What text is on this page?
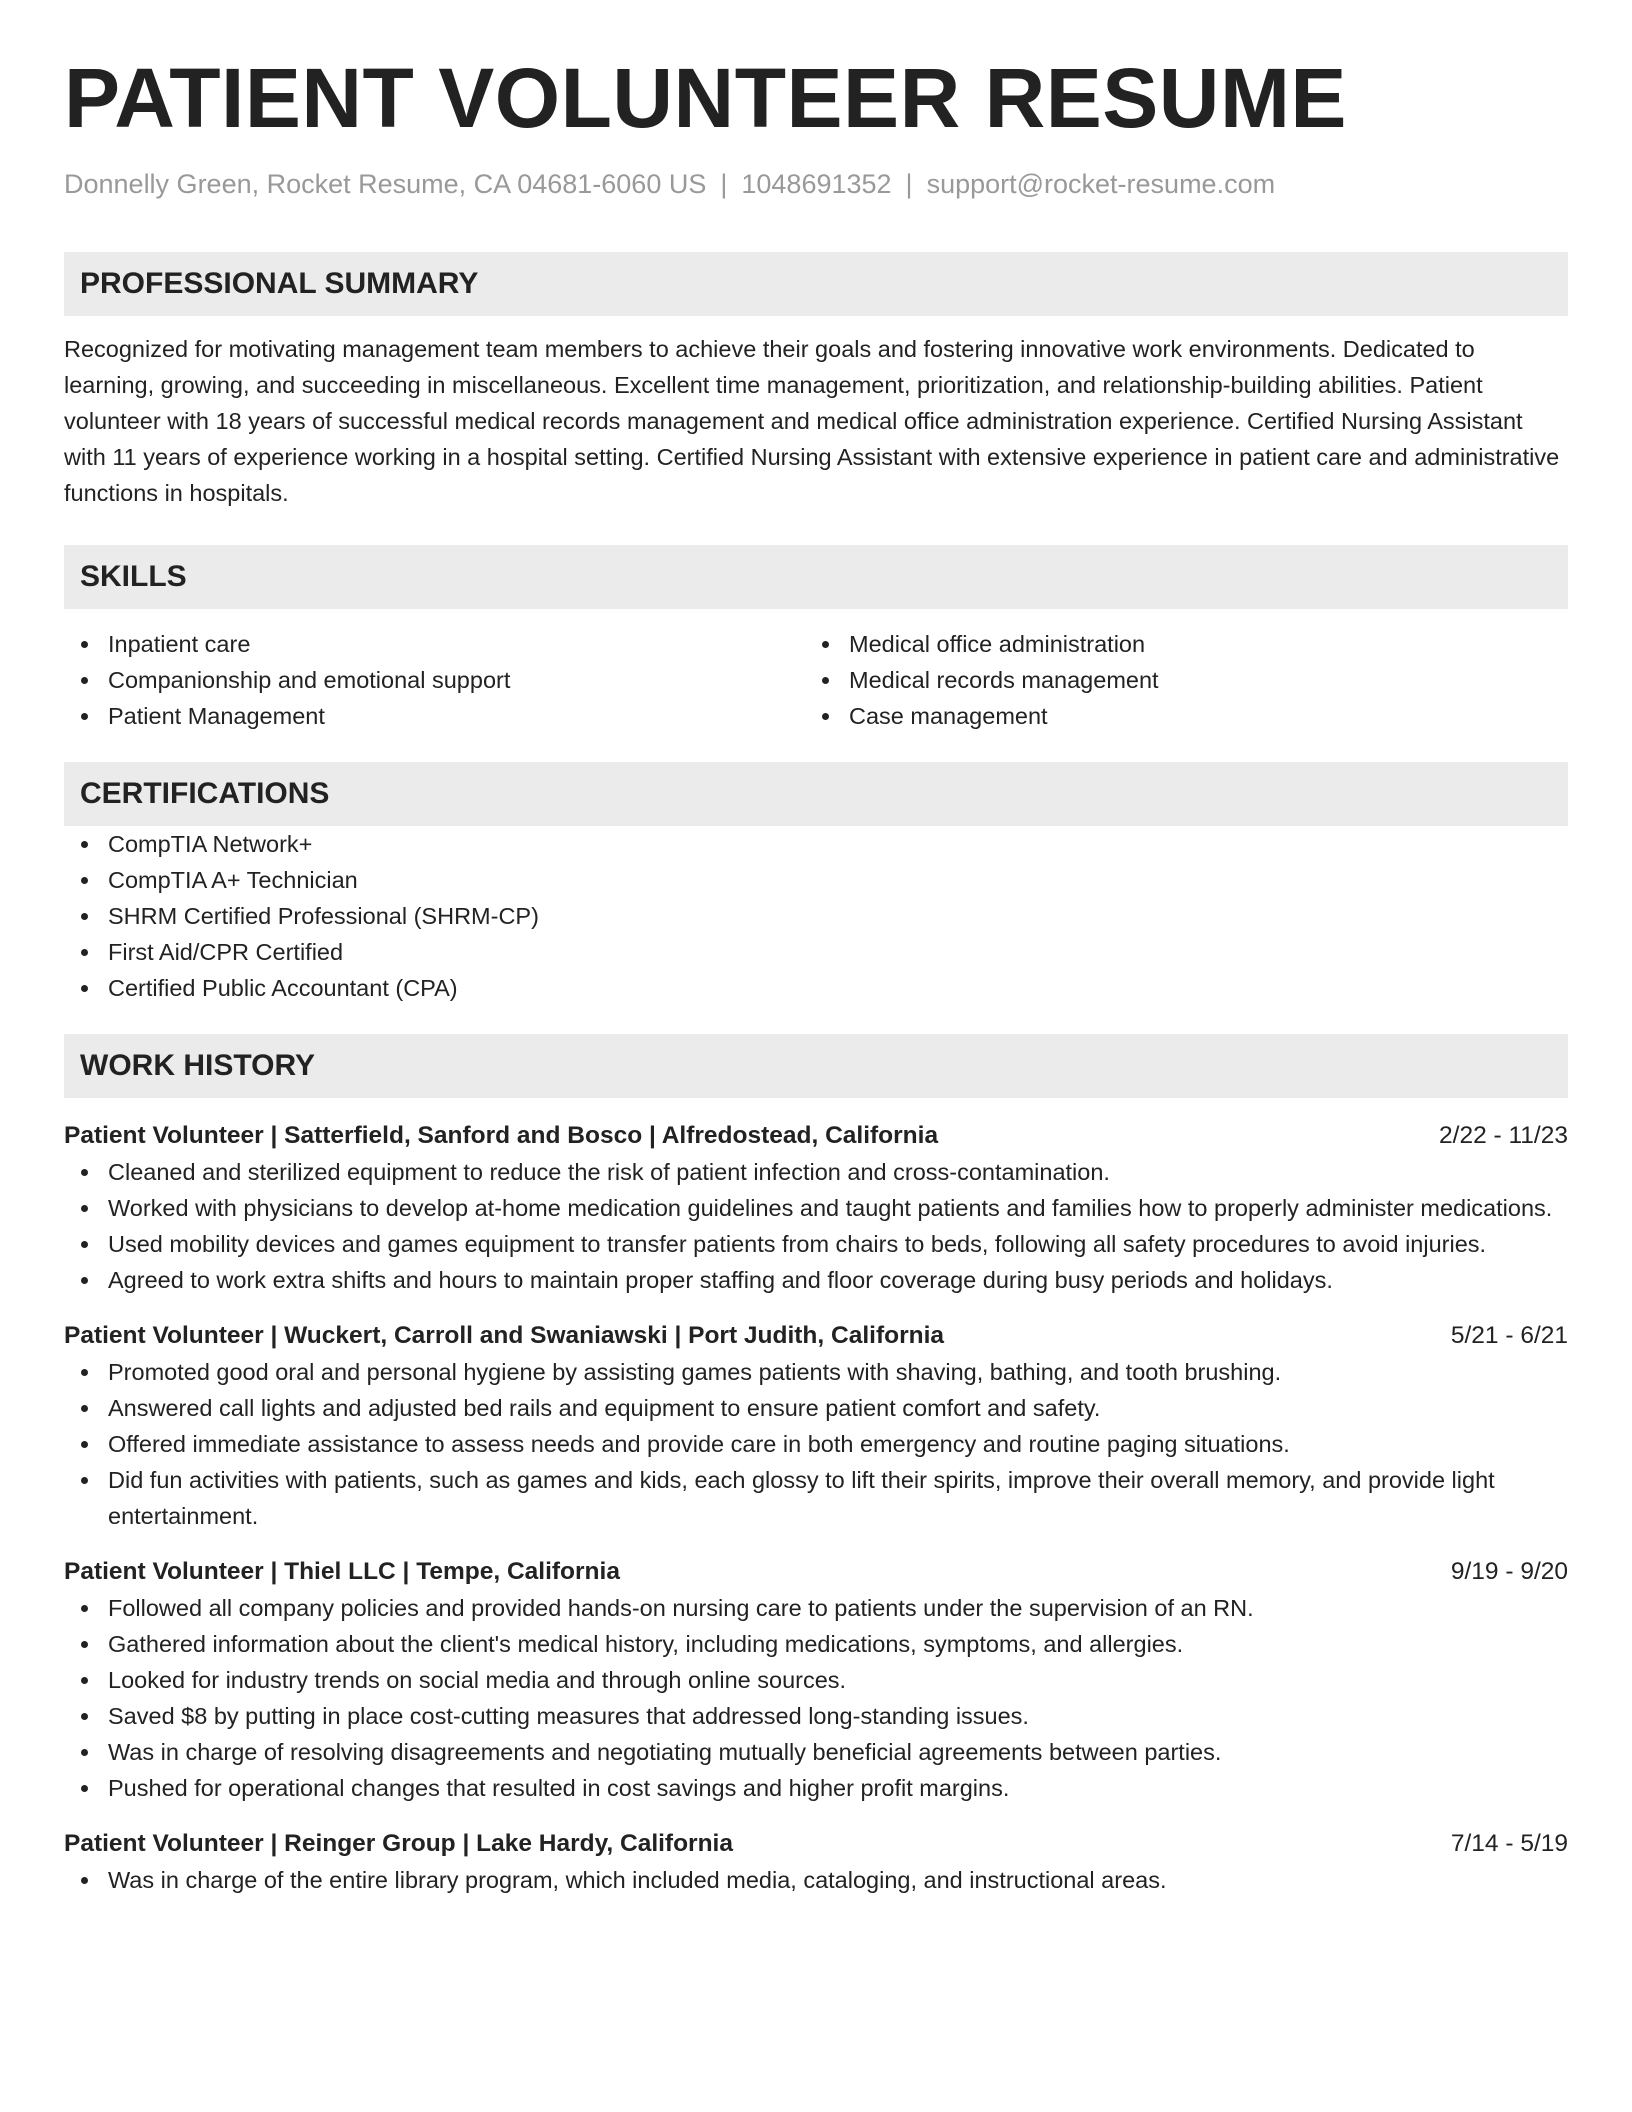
PATIENT VOLUNTEER RESUME
Donnelly Green, Rocket Resume, CA 04681-6060 US | 1048691352 | support@rocket-resume.com
PROFESSIONAL SUMMARY
Recognized for motivating management team members to achieve their goals and fostering innovative work environments. Dedicated to learning, growing, and succeeding in miscellaneous. Excellent time management, prioritization, and relationship-building abilities. Patient volunteer with 18 years of successful medical records management and medical office administration experience. Certified Nursing Assistant with 11 years of experience working in a hospital setting. Certified Nursing Assistant with extensive experience in patient care and administrative functions in hospitals.
SKILLS
Inpatient care
Companionship and emotional support
Patient Management
Medical office administration
Medical records management
Case management
CERTIFICATIONS
CompTIA Network+
CompTIA A+ Technician
SHRM Certified Professional (SHRM-CP)
First Aid/CPR Certified
Certified Public Accountant (CPA)
WORK HISTORY
Patient Volunteer | Satterfield, Sanford and Bosco | Alfredostead, California	2/22 - 11/23
Cleaned and sterilized equipment to reduce the risk of patient infection and cross-contamination.
Worked with physicians to develop at-home medication guidelines and taught patients and families how to properly administer medications.
Used mobility devices and games equipment to transfer patients from chairs to beds, following all safety procedures to avoid injuries.
Agreed to work extra shifts and hours to maintain proper staffing and floor coverage during busy periods and holidays.
Patient Volunteer | Wuckert, Carroll and Swaniawski | Port Judith, California	5/21 - 6/21
Promoted good oral and personal hygiene by assisting games patients with shaving, bathing, and tooth brushing.
Answered call lights and adjusted bed rails and equipment to ensure patient comfort and safety.
Offered immediate assistance to assess needs and provide care in both emergency and routine paging situations.
Did fun activities with patients, such as games and kids, each glossy to lift their spirits, improve their overall memory, and provide light entertainment.
Patient Volunteer | Thiel LLC | Tempe, California	9/19 - 9/20
Followed all company policies and provided hands-on nursing care to patients under the supervision of an RN.
Gathered information about the client's medical history, including medications, symptoms, and allergies.
Looked for industry trends on social media and through online sources.
Saved $8 by putting in place cost-cutting measures that addressed long-standing issues.
Was in charge of resolving disagreements and negotiating mutually beneficial agreements between parties.
Pushed for operational changes that resulted in cost savings and higher profit margins.
Patient Volunteer | Reinger Group | Lake Hardy, California	7/14 - 5/19
Was in charge of the entire library program, which included media, cataloging, and instructional areas.
